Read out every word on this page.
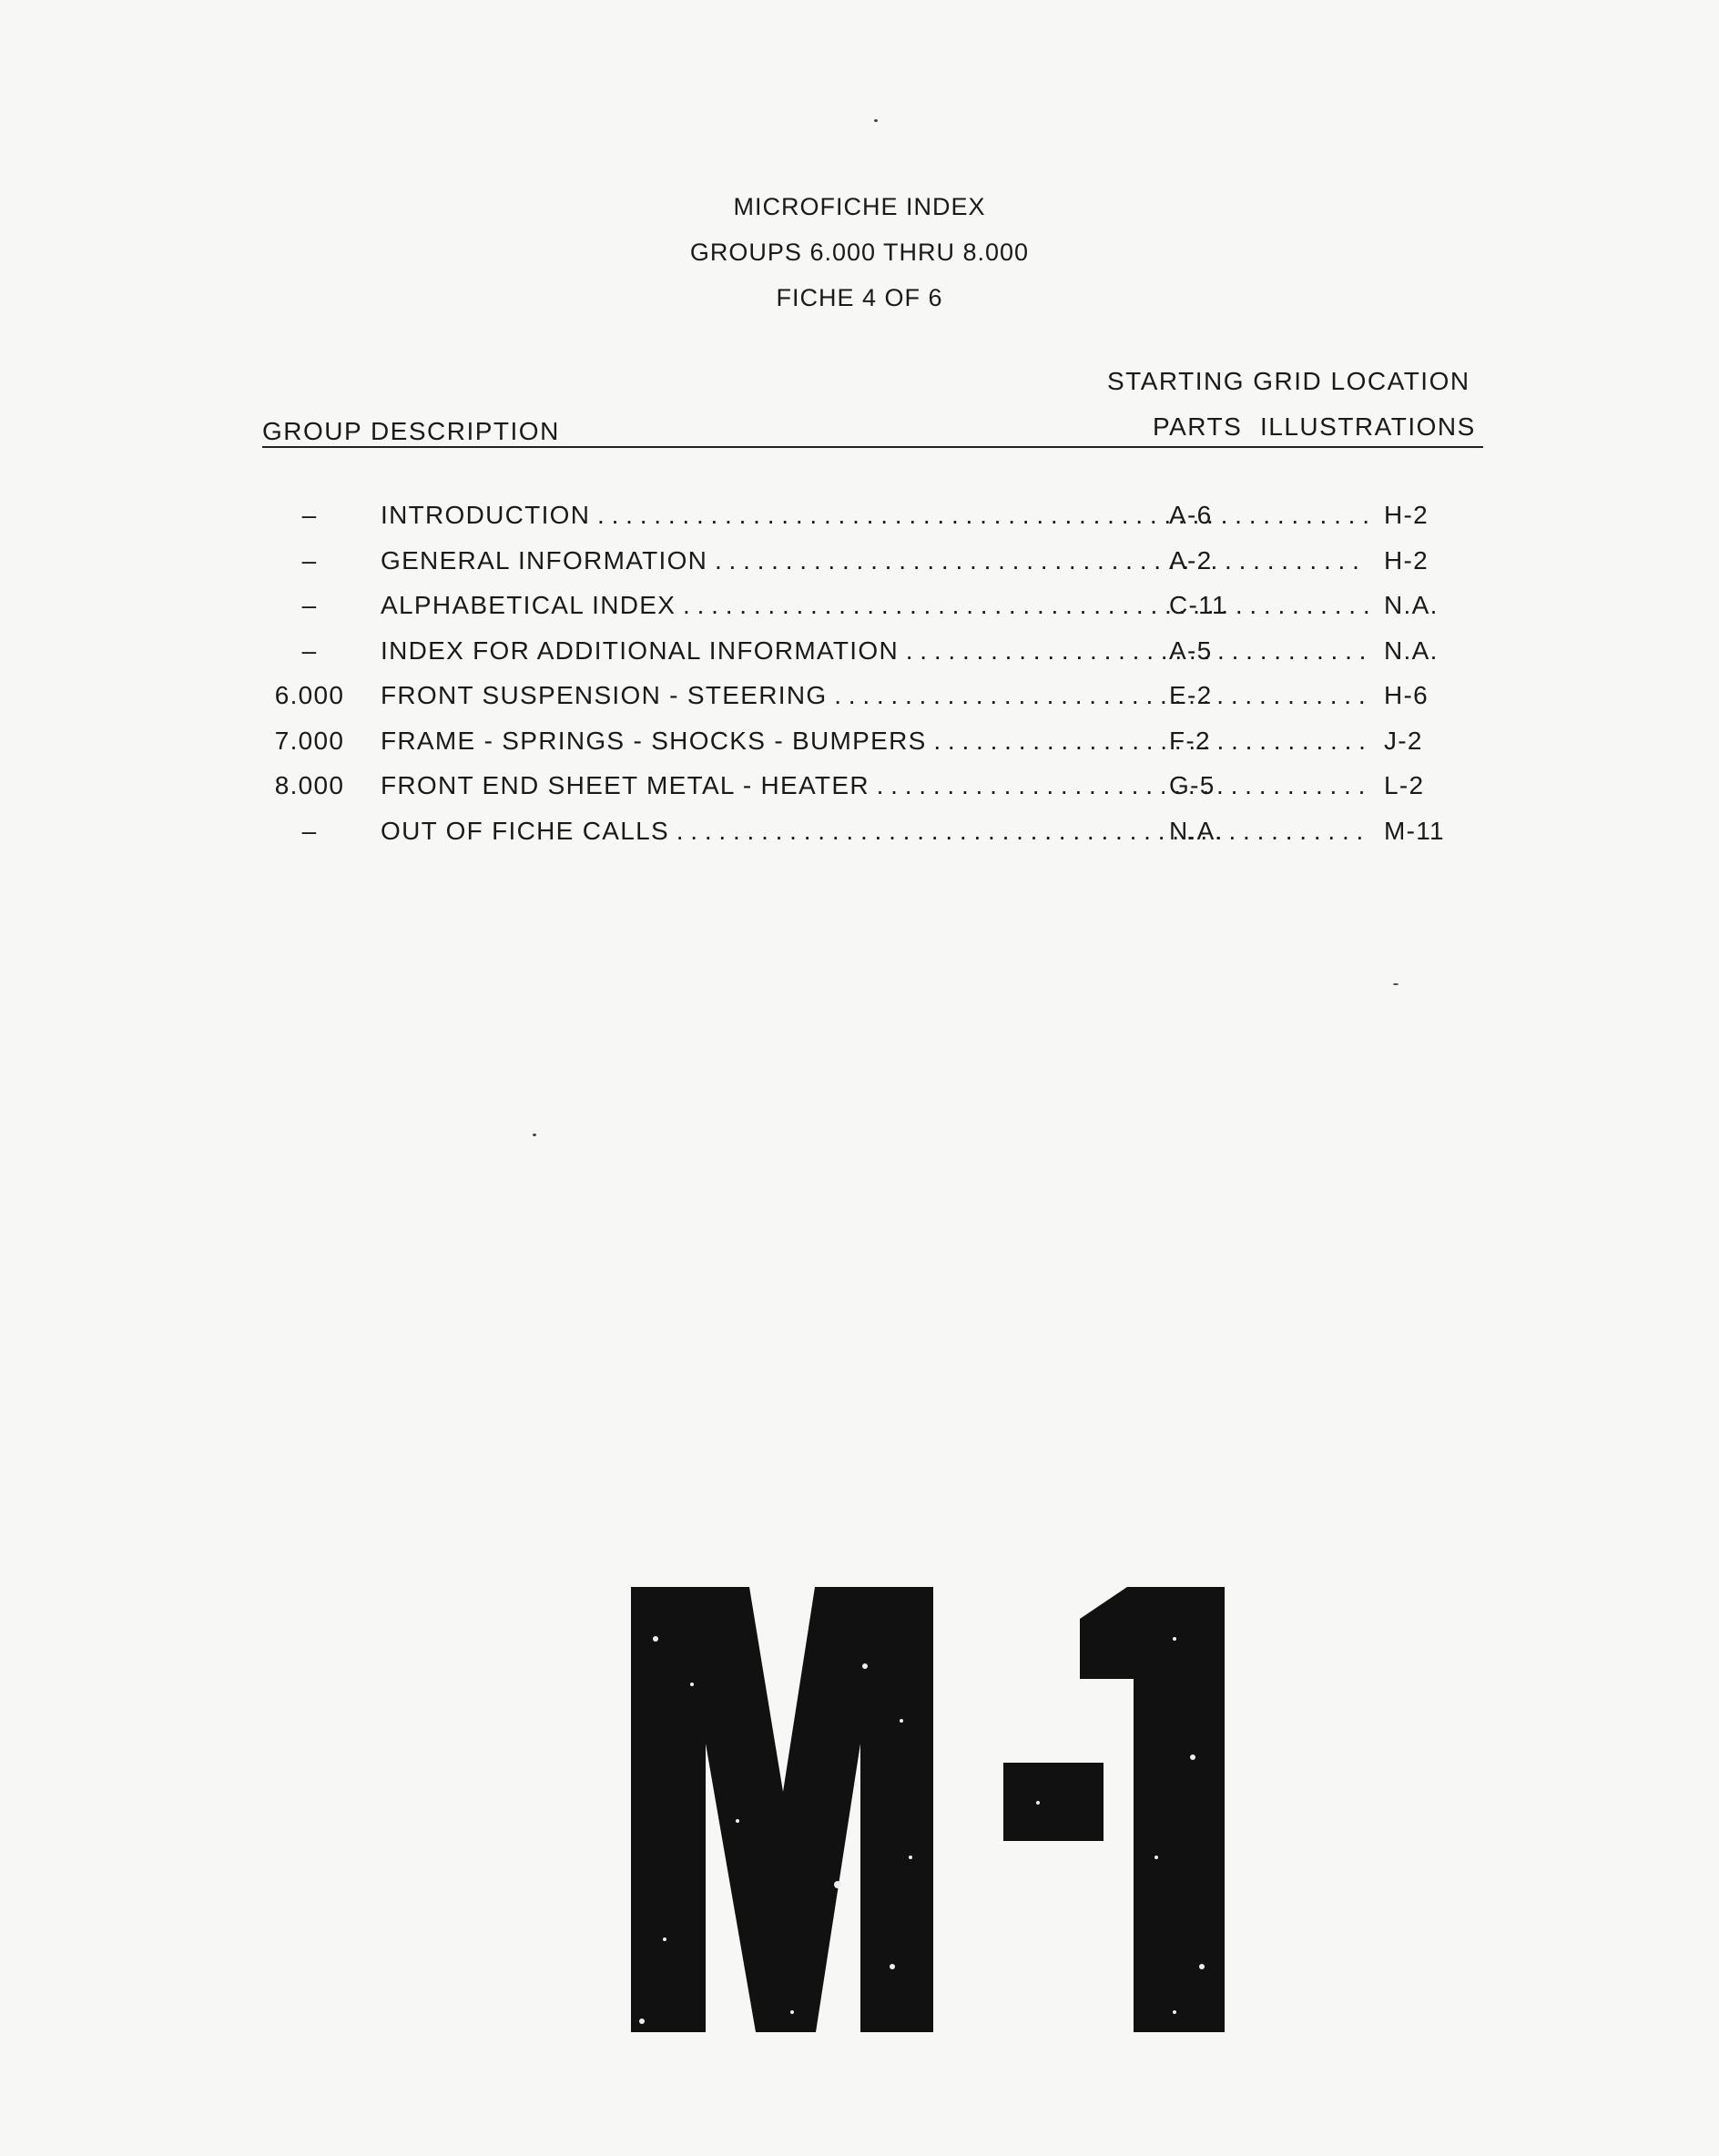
MICROFICHE INDEX
GROUPS 6.000 THRU 8.000
FICHE 4 OF 6
STARTING GRID LOCATION
GROUP DESCRIPTION	PARTS ILLUSTRATIONS
–	INTRODUCTION . . .	A-6	H-2
–	GENERAL INFORMATION . . .	A-2	H-2
–	ALPHABETICAL INDEX . . .	C-11	N.A.
–	INDEX FOR ADDITIONAL INFORMATION . . .	A-5	N.A.
6.000	FRONT SUSPENSION - STEERING . . .	E-2	H-6
7.000	FRAME - SPRINGS - SHOCKS - BUMPERS . . .	F-2	J-2
8.000	FRONT END SHEET METAL - HEATER . . .	G-5	L-2
–	OUT OF FICHE CALLS . . .	N.A.	M-11
